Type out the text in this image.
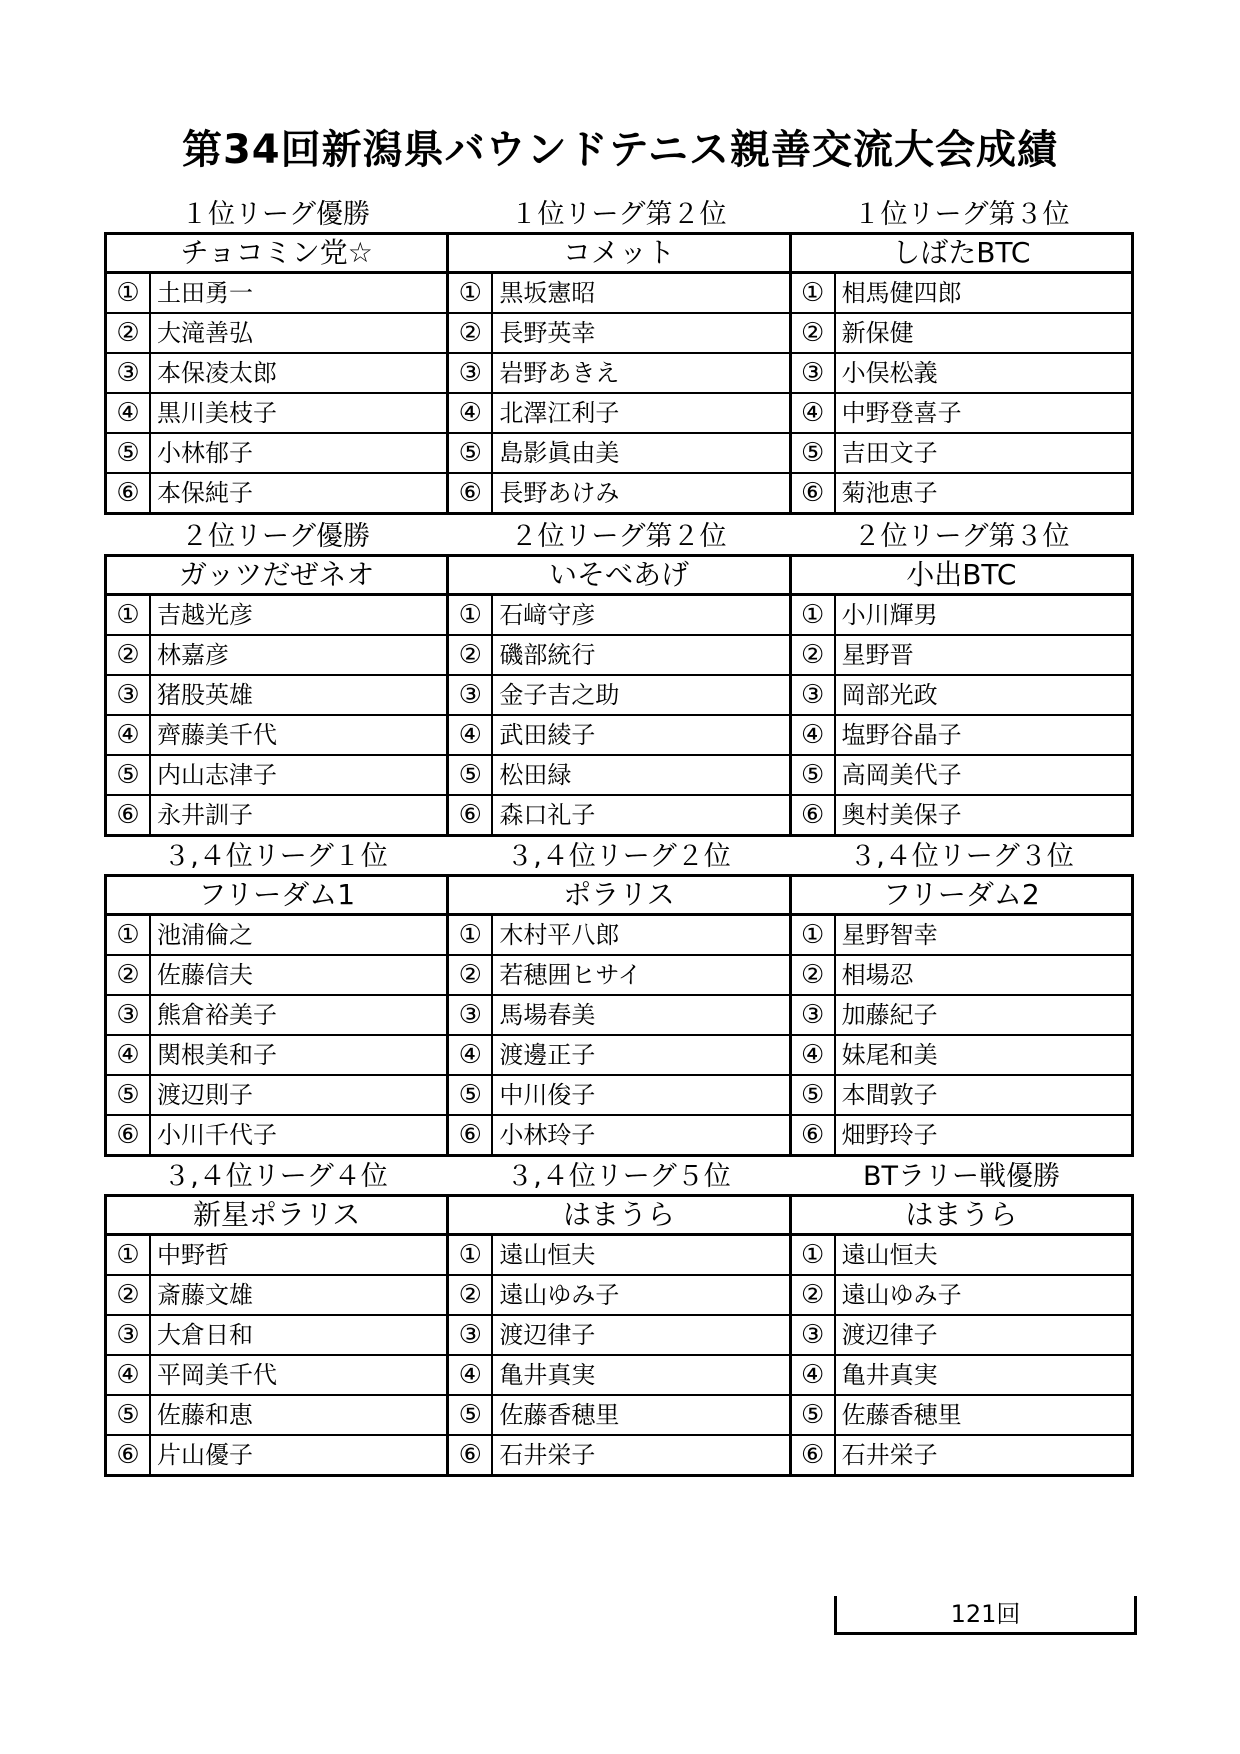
第34回新潟県バウンドテニス親善交流大会成績
１位リーグ優勝	１位リーグ第２位	１位リーグ第３位
チョコミン党☆	コメット	しばたBTC
① 土田勇一	① 黒坂憲昭	① 相馬健四郎
② 大滝善弘	② 長野英幸	② 新保健
③ 本保凌太郎	③ 岩野あきえ	③ 小俣松義
④ 黒川美枝子	④ 北澤江利子	④ 中野登喜子
⑤ 小林郁子	⑤ 島影眞由美	⑤ 吉田文子
⑥ 本保純子	⑥ 長野あけみ	⑥ 菊池恵子
２位リーグ優勝	２位リーグ第２位	２位リーグ第３位
ガッツだぜネオ	いそべあげ	小出BTC
① 吉越光彦	① 石﨑守彦	① 小川輝男
② 林嘉彦	② 磯部統行	② 星野晋
③ 猪股英雄	③ 金子吉之助	③ 岡部光政
④ 齊藤美千代	④ 武田綾子	④ 塩野谷晶子
⑤ 内山志津子	⑤ 松田緑	⑤ 高岡美代子
⑥ 永井訓子	⑥ 森口礼子	⑥ 奥村美保子
３,４位リーグ１位	３,４位リーグ２位	３,４位リーグ３位
フリーダム1	ポラリス	フリーダム2
① 池浦倫之	① 木村平八郎	① 星野智幸
② 佐藤信夫	② 若穂囲ヒサイ	② 相場忍
③ 熊倉裕美子	③ 馬場春美	③ 加藤紀子
④ 関根美和子	④ 渡邊正子	④ 妹尾和美
⑤ 渡辺則子	⑤ 中川俊子	⑤ 本間敦子
⑥ 小川千代子	⑥ 小林玲子	⑥ 畑野玲子
３,４位リーグ４位	３,４位リーグ５位	BTラリー戦優勝
新星ポラリス	はまうら	はまうら
① 中野哲	① 遠山恒夫	① 遠山恒夫
② 斎藤文雄	② 遠山ゆみ子	② 遠山ゆみ子
③ 大倉日和	③ 渡辺律子	③ 渡辺律子
④ 平岡美千代	④ 亀井真実	④ 亀井真実
⑤ 佐藤和恵	⑤ 佐藤香穂里	⑤ 佐藤香穂里
⑥ 片山優子	⑥ 石井栄子	⑥ 石井栄子
121回
